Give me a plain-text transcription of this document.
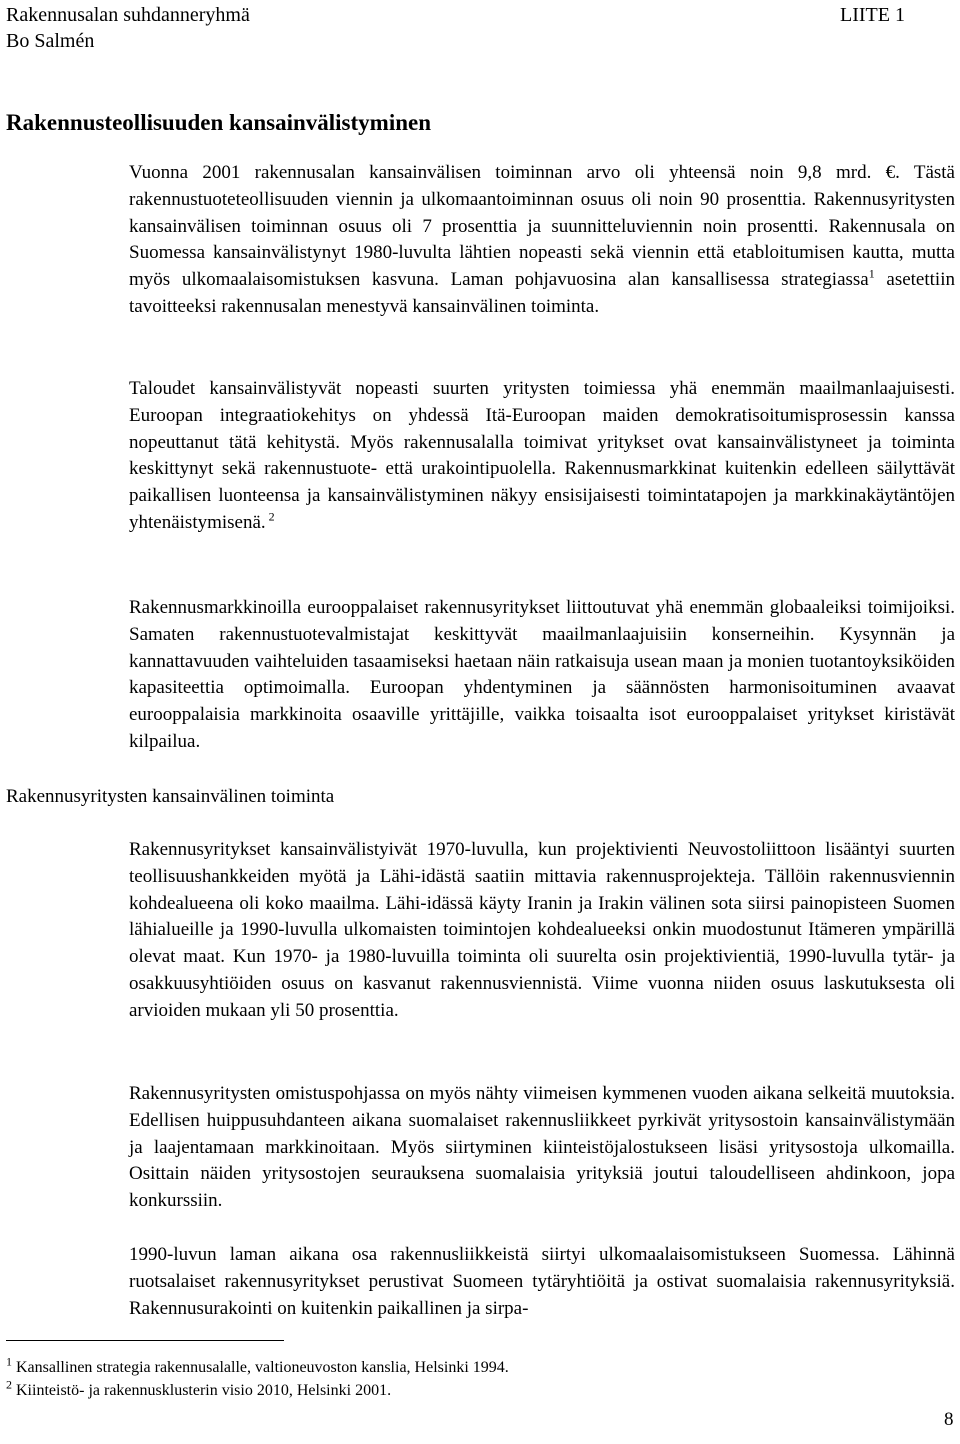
Rakennusalan suhdanneryhmä
Bo Salmén
LIITE 1
Rakennusteollisuuden kansainvälistyminen

Vuonna 2001 rakennusalan kansainvälisen toiminnan arvo oli yhteensä noin 9,8 mrd. €. Tästä rakennustuoteteollisuuden viennin ja ulkomaantoiminnan osuus oli noin 90 prosenttia. Rakennusyritysten kansainvälisen toiminnan osuus oli 7 prosenttia ja suunnitteluviennin noin prosentti. Rakennusala on Suomessa kansainvälistynyt 1980-luvulta lähtien nopeasti sekä viennin että etabloitumisen kautta, mutta myös ulkomaalaisomistuksen kasvuna. Laman pohjavuosina alan kansallisessa strategiassa$^1$ asetettiin tavoitteeksi rakennusalan menestyvä kansainvälinen toiminta.

Taloudet kansainvälistyvät nopeasti suurten yritysten toimiessa yhä enemmän maailmanlaajuisesti. Euroopan integraatiokehitys on yhdessä Itä-Euroopan maiden demokratisoitumisprosessin kanssa nopeuttanut tätä kehitystä. Myös rakennusalalla toimivat yritykset ovat kansainvälistyneet ja toiminta keskittynyt sekä rakennustuote- että urakointipuolella. Rakennusmarkkinat kuitenkin edelleen säilyttävät paikallisen luonteensa ja kansainvälistyminen näkyy ensisijaisesti toimintatapojen ja markkinakäytäntöjen yhtenäistymisenä. $^2$

Rakennusmarkkinoilla eurooppalaiset rakennusyritykset liittoutuvat yhä enemmän globaaleiksi toimijoiksi. Samaten rakennustuotevalmistajat keskittyvät maailmanlaajuisiin konserneihin. Kysynnän ja kannattavuuden vaihteluiden tasaamiseksi haetaan näin ratkaisuja usean maan ja monien tuotantoyksiköiden kapasiteettia optimoimalla. Euroopan yhdentyminen ja säännösten harmonisoituminen avaavat eurooppalaisia markkinoita osaaville yrittäjille, vaikka toisaalta isot eurooppalaiset yritykset kiristävät kilpailua.

Rakennusyritysten kansainvälinen toiminta

Rakennusyritykset kansainvälistyivät 1970-luvulla, kun projektivienti Neuvostoliittoon lisääntyi suurten teollisuushankkeiden myötä ja Lähi-idästä saatiin mittavia rakennusprojekteja. Tällöin rakennusviennin kohdealueena oli koko maailma. Lähi-idässä käyty Iranin ja Irakin välinen sota siirsi painopisteen Suomen lähialueille ja 1990-luvulla ulkomaisten toimintojen kohdealueeksi onkin muodostunut Itämeren ympärillä olevat maat. Kun 1970- ja 1980-luvuilla toiminta oli suurelta osin projektivientiä, 1990-luvulla tytär- ja osakkuusyhtiöiden osuus on kasvanut rakennusviennistä. Viime vuonna niiden osuus laskutuksesta oli arvioiden mukaan yli 50 prosenttia.

Rakennusyritysten omistuspohjassa on myös nähty viimeisen kymmenen vuoden aikana selkeitä muutoksia. Edellisen huippusuhdanteen aikana suomalaiset rakennusliikkeet pyrkivät yritysostoin kansainvälistymään ja laajentamaan markkinoitaan. Myös siirtyminen kiinteistöjalostukseen lisäsi yritysostoja ulkomailla. Osittain näiden yritysostojen seurauksena suomalaisia yrityksiä joutui taloudelliseen ahdinkoon, jopa konkurssiin.

1990-luvun laman aikana osa rakennusliikkeistä siirtyi ulkomaalaisomistukseen Suomessa. Lähinnä ruotsalaiset rakennusyritykset perustivat Suomeen tytäryhtiöitä ja ostivat suomalaisia rakennusyrityksiä. Rakennusurakointi on kuitenkin paikallinen ja sirpa-

$^1$ Kansallinen strategia rakennusalalle, valtioneuvoston kanslia, Helsinki 1994.
$^2$ Kiinteistö- ja rakennusklusterin visio 2010, Helsinki 2001.
8
